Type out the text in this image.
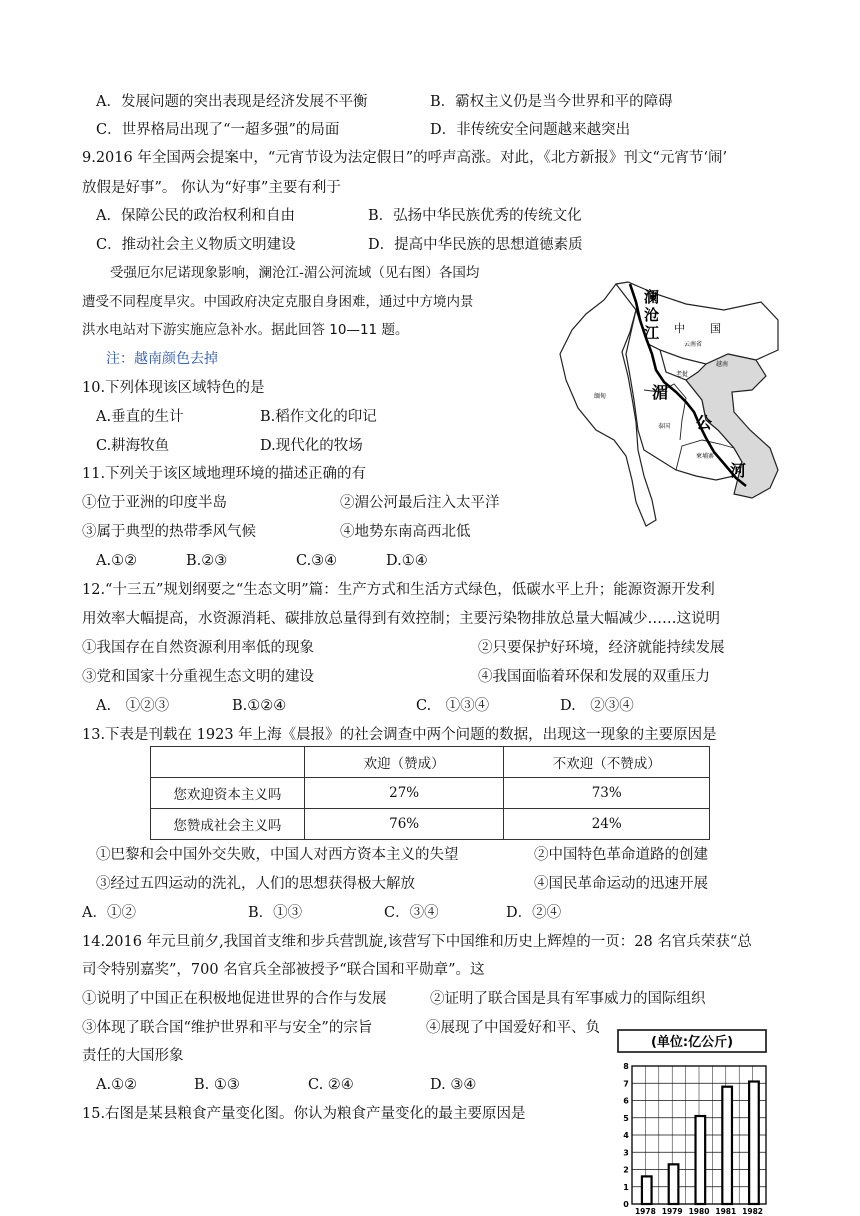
A．发展问题的突出表现是经济发展不平衡	B．霸权主义仍是当今世界和平的障碍
C．世界格局出现了“一超多强”的局面	D．非传统安全问题越来越突出
9.2016 年全国两会提案中，“元宵节设为法定假日”的呼声高涨。对此，《北方新报》刊文“元宵节‘闹’
放假是好事”。 你认为“好事”主要有利于
A．保障公民的政治权利和自由	B．弘扬中华民族优秀的传统文化
C．推动社会主义物质文明建设	D．提高中华民族的思想道德素质
受强厄尔尼诺现象影响，澜沧江-湄公河流域（见右图）各国均
遭受不同程度旱灾。中国政府决定克服自身困难，通过中方境内景
洪水电站对下游实施应急补水。据此回答 10—11 题。
注：越南颜色去掉
10.下列体现该区域特色的是
A.垂直的生计	B.稻作文化的印记
C.耕海牧鱼	D.现代化的牧场
11.下列关于该区域地理环境的描述正确的有
①位于亚洲的印度半岛	②湄公河最后注入太平洋
③属于典型的热带季风气候	④地势东南高西北低
A.①②	B.②③	C.③④	D.①④
12.“十三五”规划纲要之“生态文明”篇：生产方式和生活方式绿色，低碳水平上升；能源资源开发利
用效率大幅提高，水资源消耗、碳排放总量得到有效控制；主要污染物排放总量大幅减少……这说明
①我国存在自然资源利用率低的现象	②只要保护好环境，经济就能持续发展
③党和国家十分重视生态文明的建设	④我国面临着环保和发展的双重压力
A.　①②③	B.①②④	C.　①③④	D.　②③④
13.下表是刊载在 1923 年上海《晨报》的社会调查中两个问题的数据，出现这一现象的主要原因是
	欢迎（赞成）	不欢迎（不赞成）
您欢迎资本主义吗	27%	73%
您赞成社会主义吗	76%	24%
①巴黎和会中国外交失败，中国人对西方资本主义的失望	②中国特色革命道路的创建
③经过五四运动的洗礼，人们的思想获得极大解放	④国民革命运动的迅速开展
A．①②	B．①③	C．③④	D．②④
14.2016 年元旦前夕,我国首支维和步兵营凯旋,该营写下中国维和历史上辉煌的一页：28 名官兵荣获“总
司令特别嘉奖”，700 名官兵全部被授予“联合国和平勋章”。这
①说明了中国正在积极地促进世界的合作与发展	②证明了联合国是具有军事威力的国际组织
③体现了联合国“维护世界和平与安全”的宗旨	④展现了中国爱好和平、负
责任的大国形象
A.①②	B. ①③	C. ②④	D. ③④
15.右图是某县粮食产量变化图。你认为粮食产量变化的最主要原因是
澜
沧
江 中 国
云南省
缅甸
老挝
越南
湄
公
河
泰国
柬埔寨
(单位:亿公斤)
0
1
2
3
4
5
6
7
8
1978 1979 1980 1981 1982
